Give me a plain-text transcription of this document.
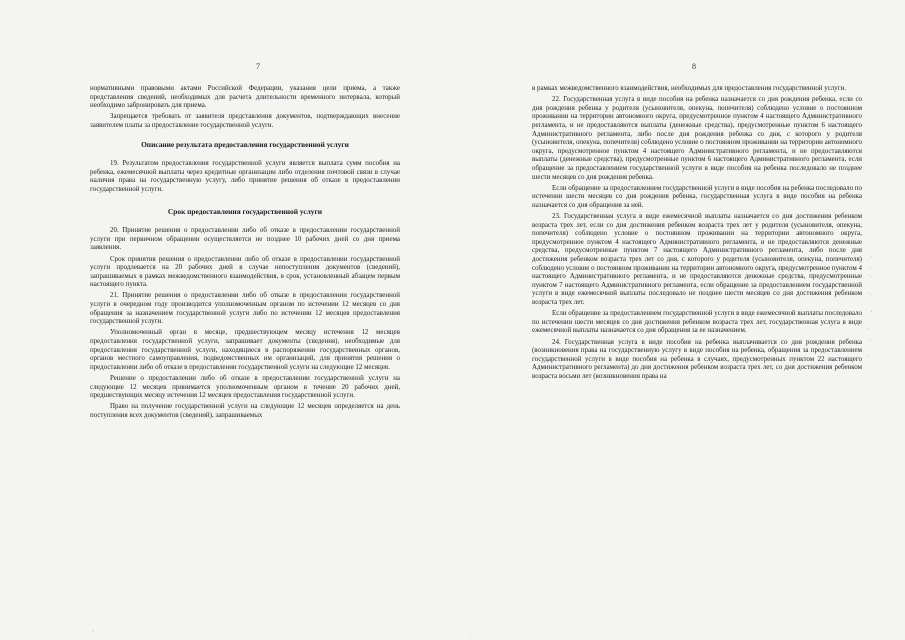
7	8

нормативными правовыми актами Российской Федерации, указания цели приема, а также представления сведений, необходимых для расчета длительности временного интервала, который необходимо забронировать для приема.

Запрещается требовать от заявителя представления документов, подтверждающих внесение заявителем платы за предоставление государственной услуги.

Описание результата предоставления государственной услуги

19. Результатом предоставления государственной услуги является выплата сумм пособия на ребенка, ежемесячной выплаты через кредитные организации либо отделения почтовой связи в случае наличия права на государственную услугу, либо принятие решения об отказе в предоставлении государственной услуги.

Срок предоставления государственной услуги

20. Принятие решения о предоставлении либо об отказе в предоставлении государственной услуги при первичном обращении осуществляется не позднее 10 рабочих дней со дня приема заявления.

Срок принятия решения о предоставлении либо об отказе в предоставлении государственной услуги продлевается на 20 рабочих дней в случае непоступления документов (сведений), запрашиваемых в рамках межведомственного взаимодействия, в срок, установленный абзацем первым настоящего пункта.

21. Принятие решения о предоставлении либо об отказе в предоставлении государственной услуги в очередном году производится уполномоченным органом по истечении 12 месяцев со дня обращения за назначением государственной услуги либо по истечении 12 месяцев предоставления государственной услуги.

Уполномоченный орган в месяце, предшествующем месяцу истечения 12 месяцев предоставления государственной услуги, запрашивает документы (сведения), необходимые для предоставления государственной услуги, находящиеся в распоряжении государственных органов, органов местного самоуправления, подведомственных им организаций, для принятия решения о предоставлении либо об отказе в предоставлении государственной услуги на следующие 12 месяцев.

Решение о предоставлении либо об отказе в предоставлении государственной услуги на следующие 12 месяцев принимается уполномоченным органом в течение 20 рабочих дней, предшествующих месяцу истечения 12 месяцев предоставления государственной услуги.

Право на получение государственной услуги на следующие 12 месяцев определяется на день поступления всех документов (сведений), запрашиваемых

в рамках межведомственного взаимодействия, необходимых для предоставления государственной услуги.

22. Государственная услуга в виде пособия на ребенка назначается со дня рождения ребенка, если со дня рождения ребенка у родителя (усыновителя, опекуна, попечителя) соблюдено условие о постоянном проживании на территории автономного округа, предусмотренное пунктом 4 настоящего Административного регламента, и не предоставляются выплаты (денежные средства), предусмотренные пунктом 6 настоящего Административного регламента, либо после дня рождения ребенка со дня, с которого у родителя (усыновителя, опекуна, попечителя) соблюдено условие о постоянном проживании на территории автономного округа, предусмотренное пунктом 4 настоящего Административного регламента, и не предоставляются выплаты (денежные средства), предусмотренные пунктом 6 настоящего Административного регламента, если обращение за предоставлением государственной услуги в виде пособия на ребенка последовало не позднее шести месяцев со дня рождения ребенка.

Если обращение за предоставлением государственной услуги в виде пособия на ребенка последовало по истечении шести месяцев со дня рождения ребенка, государственная услуга в виде пособия на ребенка назначается со дня обращения за ней.

23. Государственная услуга в виде ежемесячной выплаты назначается со дня достижения ребенком возраста трех лет, если со дня достижения ребенком возраста трех лет у родителя (усыновителя, опекуна, попечителя) соблюдено условие о постоянном проживании на территории автономного округа, предусмотренное пунктом 4 настоящего Административного регламента, и не предоставляются денежные средства, предусмотренные пунктом 7 настоящего Административного регламента, либо после дня достижения ребенком возраста трех лет со дня, с которого у родителя (усыновителя, опекуна, попечителя) соблюдено условие о постоянном проживании на территории автономного округа, предусмотренное пунктом 4 настоящего Административного регламента, и не предоставляются денежные средства, предусмотренные пунктом 7 настоящего Административного регламента, если обращение за предоставлением государственной услуги в виде ежемесячной выплаты последовало не позднее шести месяцев со дня достижения ребенком возраста трех лет.

Если обращение за предоставлением государственной услуги в виде ежемесячной выплаты последовало по истечении шести месяцев со дня достижения ребенком возраста трех лет, государственная услуга в виде ежемесячной выплаты назначается со дня обращения за ее назначением.

24. Государственная услуга в виде пособия на ребенка выплачивается со дня рождения ребенка (возникновения права на государственную услугу в виде пособия на ребенка, обращения за предоставлением государственной услуги в виде пособия на ребенка в случаях, предусмотренных пунктом 22 настоящего Административного регламента) до дня достижения ребенком возраста трех лет, со дня достижения ребенком возраста восьми лет (возникновения права на

· ’
· ·
‘ ·
·
’ · ·
·
· ‘
·
’
· ·
·
‘
·
’	·
